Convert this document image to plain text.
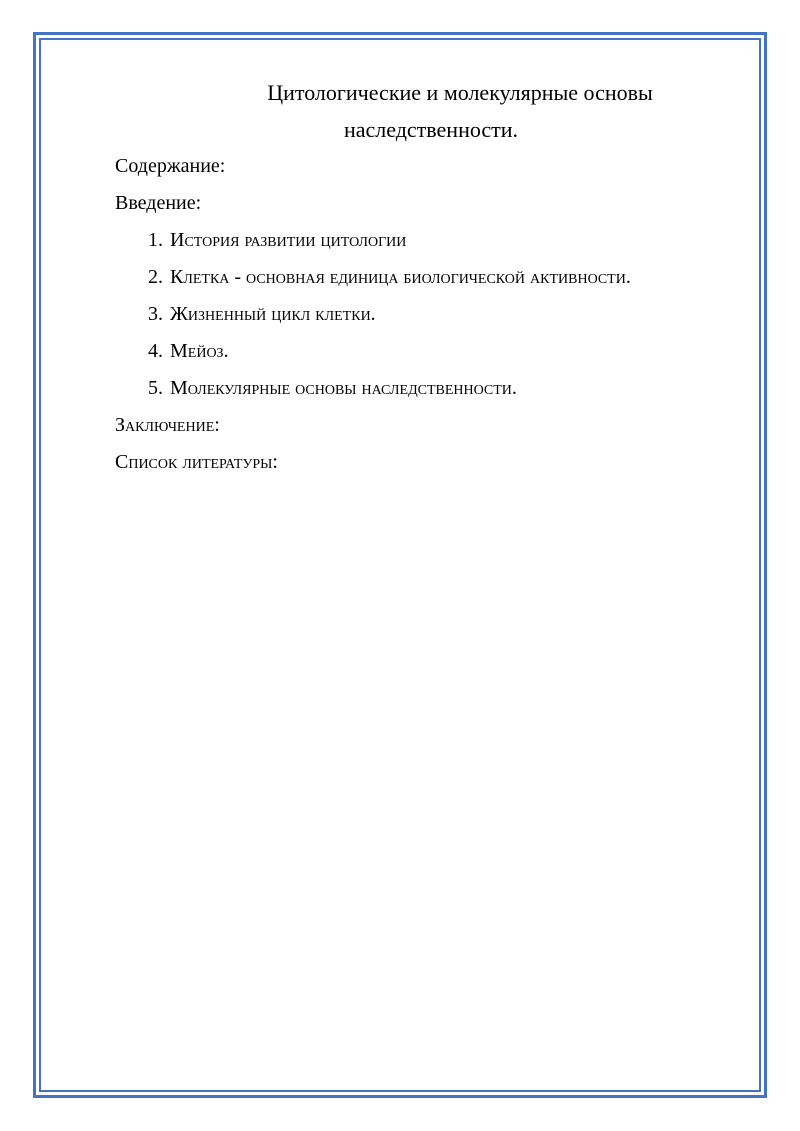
Цитологические и молекулярные основы
наследственности.

Содержание:

Введение:

1. История развитии цитологии
2. Клетка - основная единица биологической активности.
3. Жизненный цикл клетки.
4. Мейоз.
5. Молекулярные основы наследственности.

Заключение:

Список литературы:
